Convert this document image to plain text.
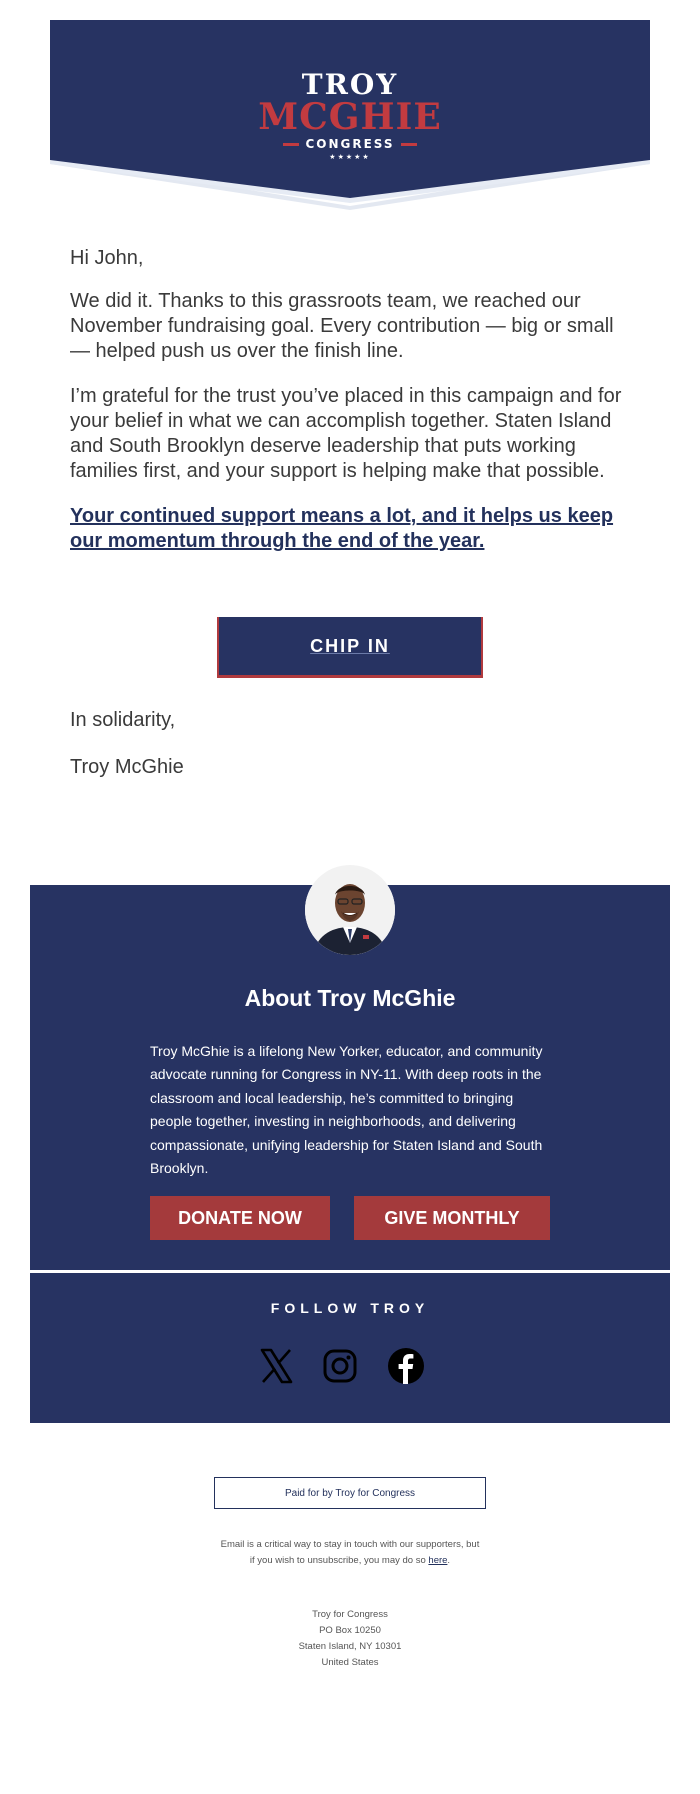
TROY
MCGHIE
CONGRESS
★★★★★

Hi John,

We did it. Thanks to this grassroots team, we reached our November fundraising goal. Every contribution — big or small — helped push us over the finish line.

I’m grateful for the trust you’ve placed in this campaign and for your belief in what we can accomplish together. Staten Island and South Brooklyn deserve leadership that puts working families first, and your support is helping make that possible.

Your continued support means a lot, and it helps us keep our momentum through the end of the year.

CHIP IN
In solidarity,
Troy McGhie
About Troy McGhie
Troy McGhie is a lifelong New Yorker, educator, and community advocate running for Congress in NY-11. With deep roots in the classroom and local leadership, he’s committed to bringing people together, investing in neighborhoods, and delivering compassionate, unifying leadership for Staten Island and South Brooklyn.
DONATE NOW	GIVE MONTHLY
FOLLOW TROY
Paid for by Troy for Congress
Email is a critical way to stay in touch with our supporters, but if you wish to unsubscribe, you may do so here.
Troy for Congress
PO Box 10250
Staten Island, NY 10301
United States
